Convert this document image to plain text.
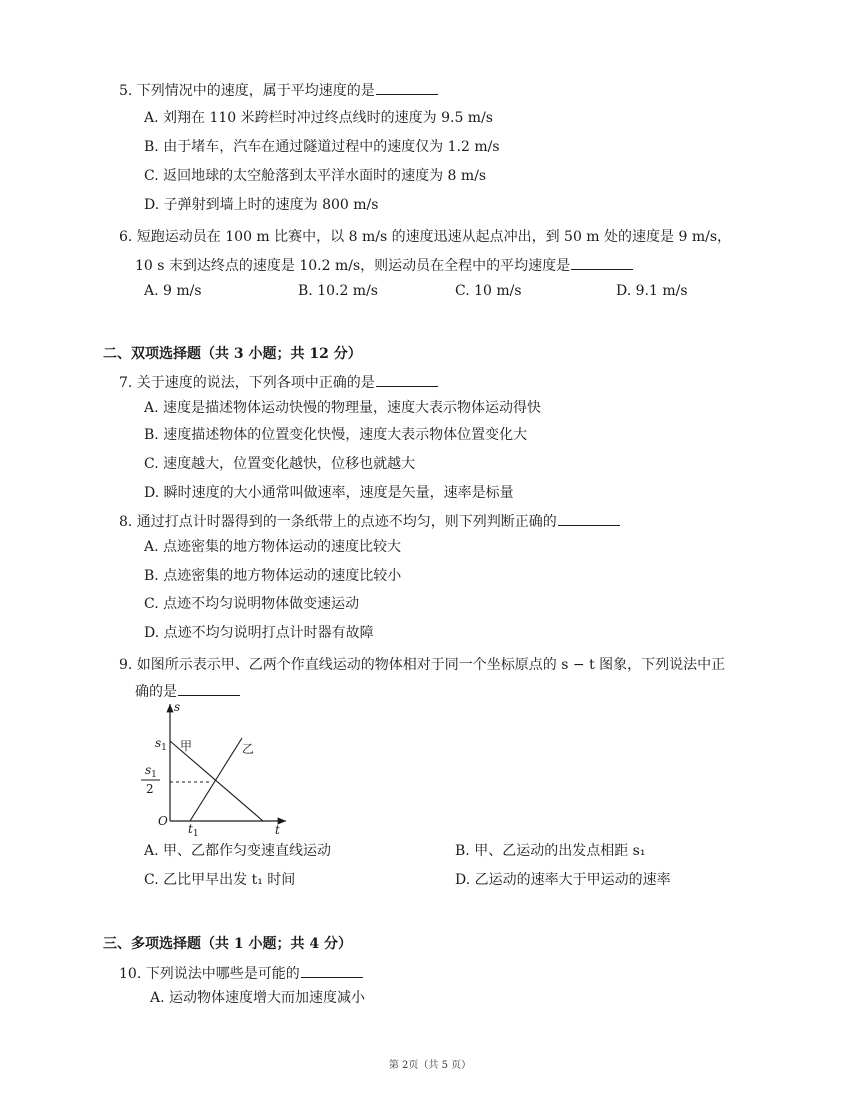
5. 下列情况中的速度，属于平均速度的是
A. 刘翔在 110 米跨栏时冲过终点线时的速度为 9.5 m/s
B. 由于堵车，汽车在通过隧道过程中的速度仅为 1.2 m/s
C. 返回地球的太空舱落到太平洋水面时的速度为 8 m/s
D. 子弹射到墙上时的速度为 800 m/s
6. 短跑运动员在 100 m 比赛中，以 8 m/s 的速度迅速从起点冲出，到 50 m 处的速度是 9 m/s，
10 s 末到达终点的速度是 10.2 m/s，则运动员在全程中的平均速度是
A. 9 m/s	B. 10.2 m/s	C. 10 m/s	D. 9.1 m/s
二、双项选择题（共 3 小题；共 12 分）
7. 关于速度的说法，下列各项中正确的是
A. 速度是描述物体运动快慢的物理量，速度大表示物体运动得快
B. 速度描述物体的位置变化快慢，速度大表示物体位置变化大
C. 速度越大，位置变化越快，位移也就越大
D. 瞬时速度的大小通常叫做速率，速度是矢量，速率是标量
8. 通过打点计时器得到的一条纸带上的点迹不均匀，则下列判断正确的
A. 点迹密集的地方物体运动的速度比较大
B. 点迹密集的地方物体运动的速度比较小
C. 点迹不均匀说明物体做变速运动
D. 点迹不均匀说明打点计时器有故障
9. 如图所示表示甲、乙两个作直线运动的物体相对于同一个坐标原点的 s − t 图象，下列说法中正
确的是
s
t
O
$s_1$
$s_1$
2
$t_1$
甲	乙
A. 甲、乙都作匀变速直线运动	B. 甲、乙运动的出发点相距 s₁
C. 乙比甲早出发 t₁ 时间	D. 乙运动的速率大于甲运动的速率
三、多项选择题（共 1 小题；共 4 分）
10. 下列说法中哪些是可能的
A. 运动物体速度增大而加速度减小
第 2页（共 5 页）
